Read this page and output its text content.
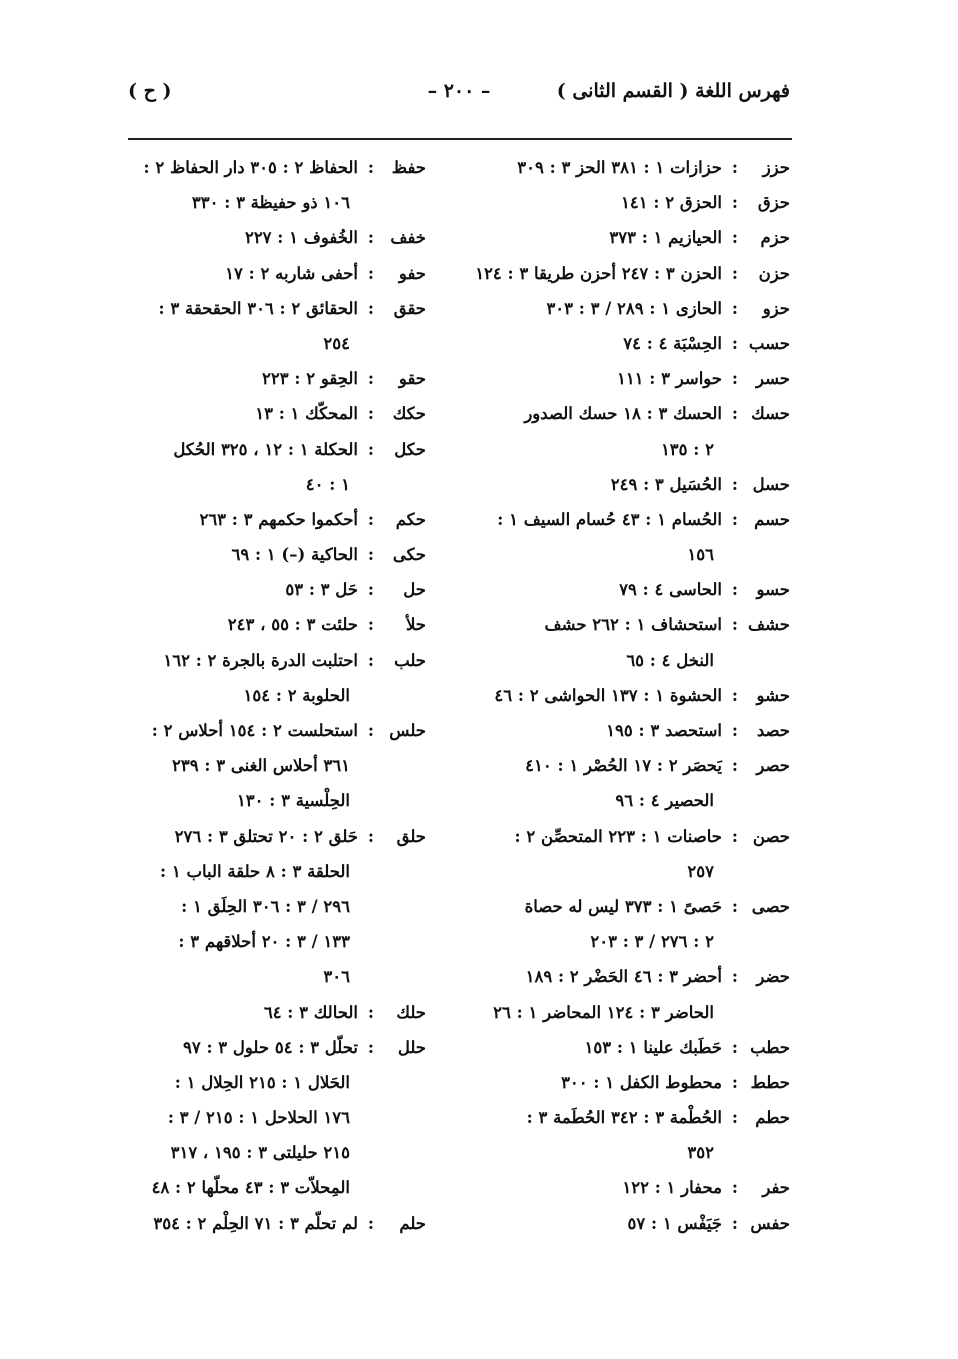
فهرس اللغة ( القسم الثانى )
– ٢٠٠ –
( ح )
حزز
:
حزازات ١ : ٣٨١ الحز ٣ : ٣٠٩
حزق
:
الحزق ٢ : ١٤١
حزم
:
الحيازيم ١ : ٣٧٣
حزن
:
الحزن ٣ : ٢٤٧ أحزن طريقا ٣ : ١٢٤
حزو
:
الحازى ١ : ٢٨٩ / ٣ : ٣٠٣
حسب
:
الحِسْبَة ٤ : ٧٤
حسر
:
حواسر ٣ : ١١١
حسك
:
الحسك ٣ : ١٨ حسك الصدور
٢ : ١٣٥
حسل
:
الحُسَيل ٣ : ٢٤٩
حسم
:
الحُسام ١ : ٤٣ حُسام السيف ١ :
١٥٦
حسو
:
الحاسى ٤ : ٧٩
حشف
:
استحشاف ١ : ٢٦٢ حشف
النخل ٤ : ٦٥
حشو
:
الحشوة ١ : ١٣٧ الحواشى ٢ : ٤٦
حصد
:
استحصد ٣ : ١٩٥
حصر
:
يَحصَر ٢ : ١٧ الحُصْر ١ : ٤١٠
الحصير ٤ : ٩٦
حصن
:
حاصنات ١ : ٢٢٣ المتحصِّن ٢ :
٢٥٧
حصى
:
حَصىً ١ : ٣٧٣ ليس له حصاة
٢ : ٢٧٦ / ٣ : ٢٠٣
حضر
:
أحضر ٣ : ٤٦ الحَضْر ٢ : ١٨٩
الحاضر ٣ : ١٢٤ المحاضر ١ : ٢٦
حطب
:
حَطَبك علينا ١ : ١٥٣
حطط
:
محطوط الكفل ١ : ٣٠٠
حطم
:
الحُطْمة ٣ : ٣٤٢ الحُطَمة ٣ :
٣٥٢
حفر
:
محفار ١ : ١٢٢
حفس
:
جَيَفْس ١ : ٥٧
حفظ
:
الحفاظ ٢ : ٣٠٥ دار الحفاظ ٢ :
١٠٦ ذو حفيظة ٣ : ٣٣٠
خفف
:
الخُفوف ١ : ٢٢٧
حفو
:
أحفى شاربه ٢ : ١٧
حقق
:
الحقائق ٢ : ٣٠٦ الحقحقة ٣ :
٢٥٤
حقو
:
الحِقو ٢ : ٢٢٣
حكك
:
المحكّك ١ : ١٣
حكل
:
الحكلة ١ : ١٢ ، ٣٢٥ الحُكل
١ : ٤٠
حكم
:
أحكموا حكمهم ٣ : ٢٦٣
حكى
:
الحاكية (–) ١ : ٦٩
حل
:
حَل ٣ : ٥٣
حلأ
:
حلئت ٣ : ٥٥ ، ٢٤٣
حلب
:
احتلبت الدرة بالجرة ٢ : ١٦٢
الحلوبة ٢ : ١٥٤
حلس
:
استحلست ٢ : ١٥٤ أحلاس ٢ :
٣٦١ أحلاس الغنى ٣ : ٢٣٩
الحِلْسية ٣ : ١٣٠
حلق
:
حَلق ٢ : ٢٠ تحتلق ٣ : ٢٧٦
الحلقة ٣ : ٨ حلقة الباب ١ :
٢٩٦ / ٣ : ٣٠٦ الحِلَق ١ :
١٣٣ / ٣ : ٢٠ أحلاقهم ٣ :
٣٠٦
حلك
:
الحالك ٣ : ٦٤
حلل
:
تحلّل ٣ : ٥٤ حلول ٣ : ٩٧
الحَلال ١ : ٢١٥ الحِلال ١ :
١٧٦ الحلاحل ١ : ٢١٥ / ٣ :
٢١٥ حليلتى ٣ : ١٩٥ ، ٣١٧
المِحلاّت ٣ : ٤٣ محلّها ٢ : ٤٨
حلم
:
لم تحلّم ٣ : ٧١ الحِلْم ٢ : ٣٥٤
